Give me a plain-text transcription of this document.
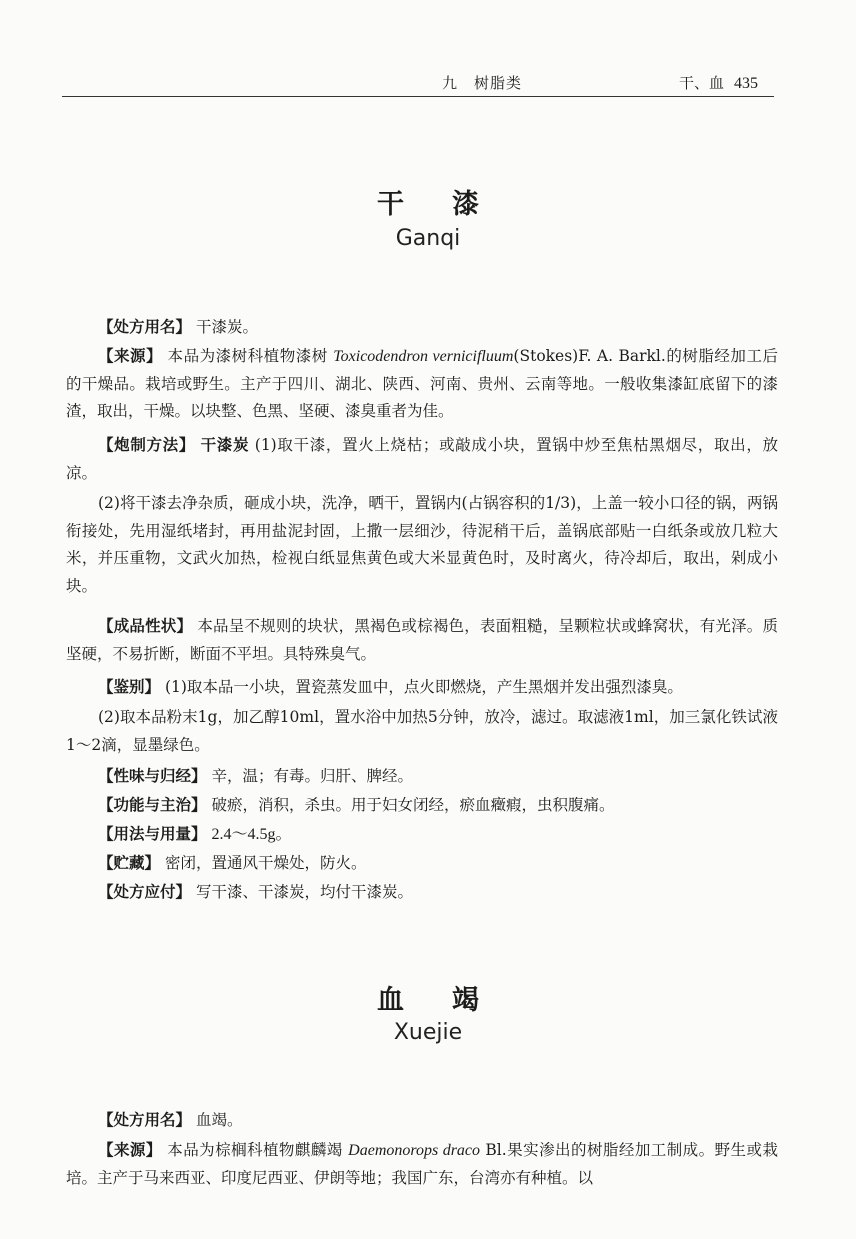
九　树脂类	干、血 435
干 漆
Ganqi
【处方用名】 干漆炭。
【来源】 本品为漆树科植物漆树 Toxicodendron vernicifluum(Stokes)F. A. Barkl.的树脂经加工后的干燥品。栽培或野生。主产于四川、湖北、陕西、河南、贵州、云南等地。一般收集漆缸底留下的漆渣，取出，干燥。以块整、色黑、坚硬、漆臭重者为佳。
【炮制方法】 干漆炭 (1)取干漆，置火上烧枯；或敲成小块，置锅中炒至焦枯黑烟尽，取出，放凉。
(2)将干漆去净杂质，砸成小块，洗净，晒干，置锅内(占锅容积的1/3)，上盖一较小口径的锅，两锅衔接处，先用湿纸堵封，再用盐泥封固，上撒一层细沙，待泥稍干后，盖锅底部贴一白纸条或放几粒大米，并压重物，文武火加热，检视白纸显焦黄色或大米显黄色时，及时离火，待冷却后，取出，剁成小块。
【成品性状】 本品呈不规则的块状，黑褐色或棕褐色，表面粗糙，呈颗粒状或蜂窝状，有光泽。质坚硬，不易折断，断面不平坦。具特殊臭气。
【鉴别】 (1)取本品一小块，置瓷蒸发皿中，点火即燃烧，产生黑烟并发出强烈漆臭。
(2)取本品粉末1g，加乙醇10ml，置水浴中加热5分钟，放冷，滤过。取滤液1ml，加三氯化铁试液1～2滴，显墨绿色。
【性味与归经】 辛，温；有毒。归肝、脾经。
【功能与主治】 破瘀，消积，杀虫。用于妇女闭经，瘀血癥瘕，虫积腹痛。
【用法与用量】 2.4～4.5g。
【贮藏】 密闭，置通风干燥处，防火。
【处方应付】 写干漆、干漆炭，均付干漆炭。
血 竭
Xuejie
【处方用名】 血竭。
【来源】 本品为棕榈科植物麒麟竭 Daemonorops draco Bl.果实渗出的树脂经加工制成。野生或栽培。主产于马来西亚、印度尼西亚、伊朗等地；我国广东，台湾亦有种植。以
